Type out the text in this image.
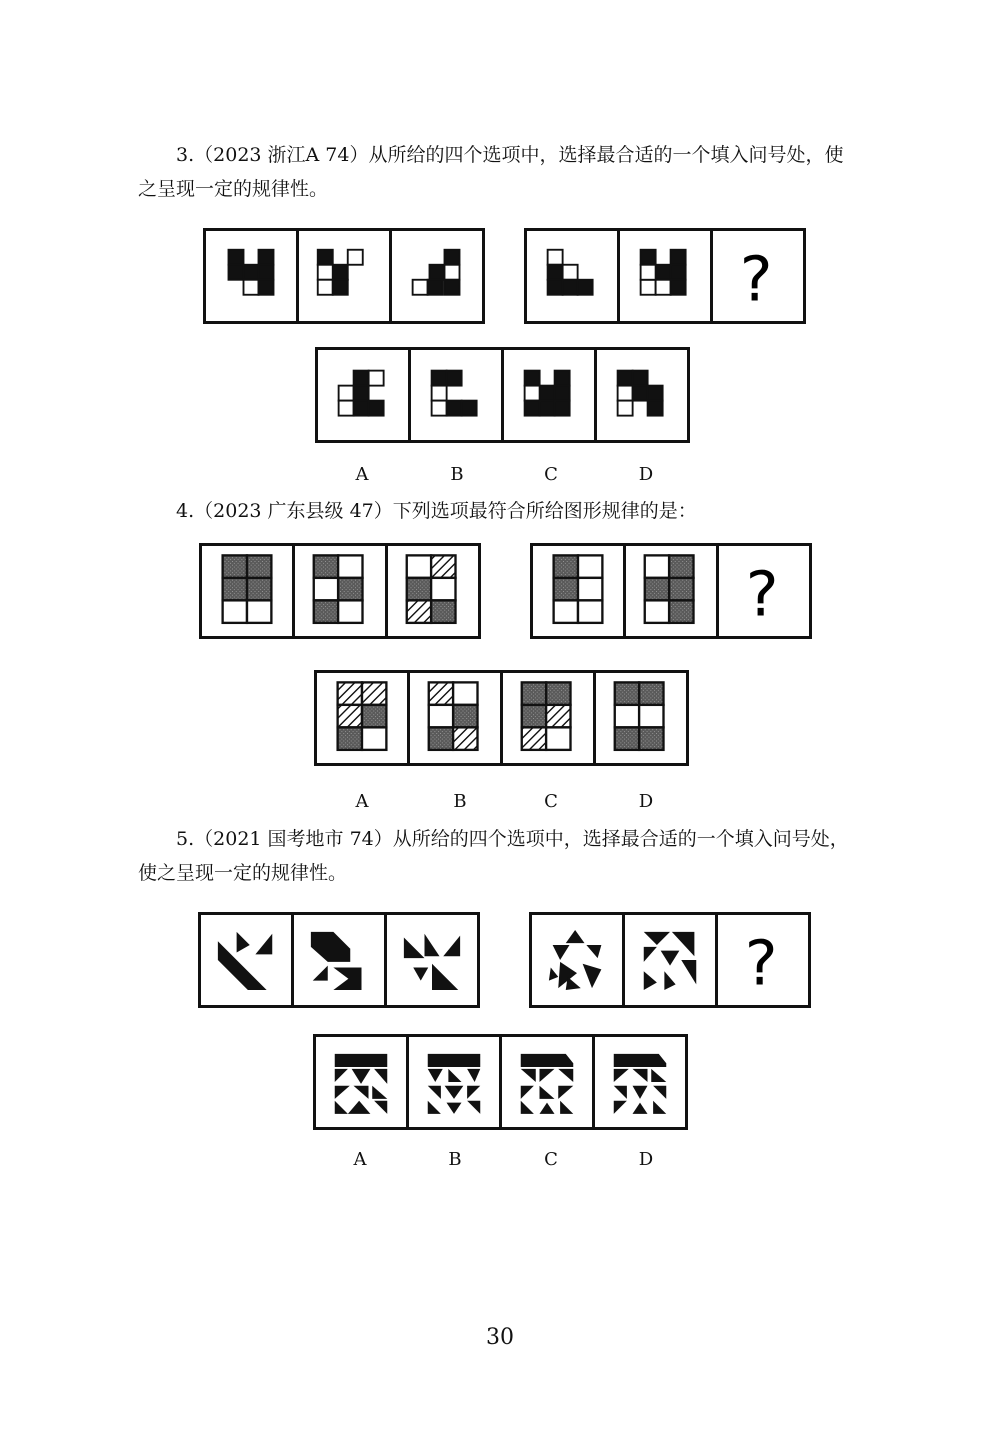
3.（2023 浙江A 74）从所给的四个选项中，选择最合适的一个填入问号处，使
之呈现一定的规律性。
?
A	B	C	D
4.（2023 广东县级 47）下列选项最符合所给图形规律的是：
?
A	B	C	D
5.（2021 国考地市 74）从所给的四个选项中，选择最合适的一个填入问号处，
使之呈现一定的规律性。
?
A	B	C	D
30
